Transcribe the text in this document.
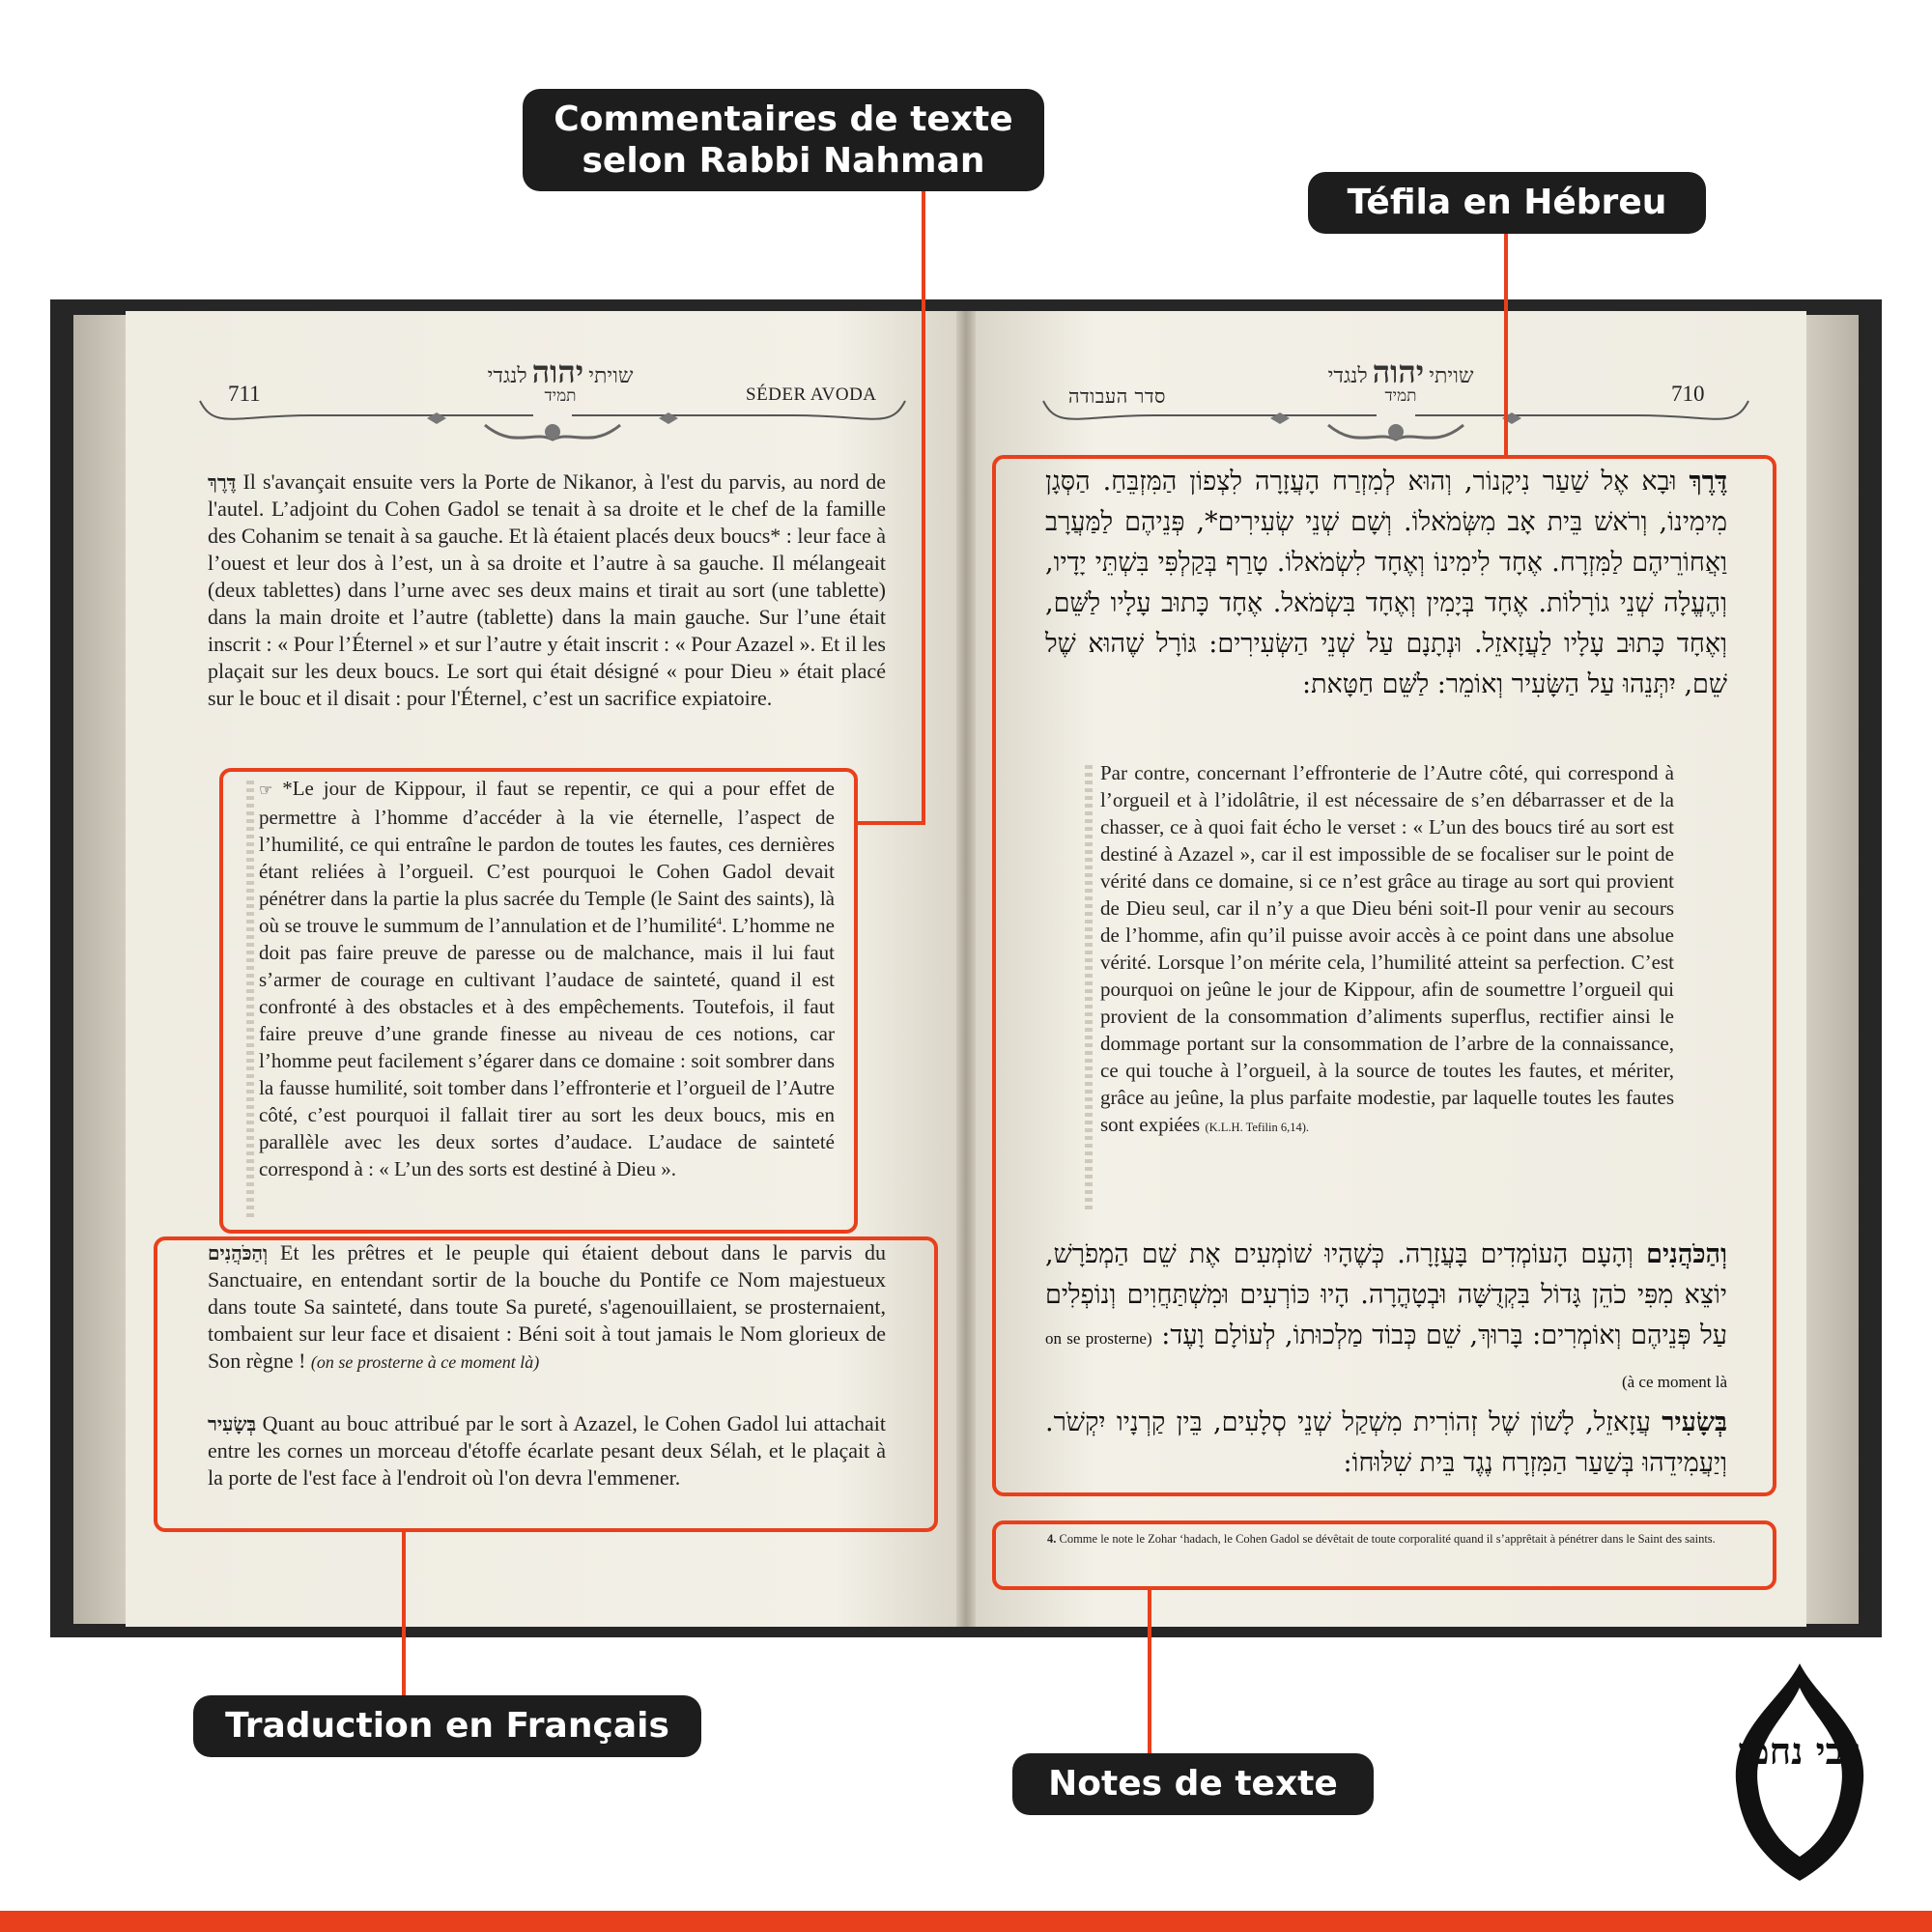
Commentaires de texte
selon Rabbi Nahman
Téfila en Hébreu
Traduction en Français
Notes de texte
711	SÉDER AVODA
שויתי יהוה לנגדי
תמיד	710
סדר העבודה
שויתי יהוה לנגדי
תמיד
דֶּרֶךְ Il s'avançait ensuite vers la Porte de Nikanor, à l'est du parvis, au nord de l'autel. L’adjoint du Cohen Gadol se tenait à sa droite et le chef de la famille des Cohanim se tenait à sa gauche. Et là étaient placés deux boucs* : leur face à l’ouest et leur dos à l’est, un à sa droite et l’autre à sa gauche. Il mélangeait (deux tablettes) dans l’urne avec ses deux mains et tirait au sort (une tablette) dans la main droite et l’autre (tablette) dans la main gauche. Sur l’une était inscrit : « Pour l’Éternel » et sur l’autre y était inscrit : « Pour Azazel ». Et il les plaçait sur les deux boucs. Le sort qui était désigné « pour Dieu » était placé sur le bouc et il disait : pour l'Éternel, c’est un sacrifice expiatoire.
☞ *Le jour de Kippour, il faut se repentir, ce qui a pour effet de permettre à l’homme d’accéder à la vie éternelle, l’aspect de l’humilité, ce qui entraîne le pardon de toutes les fautes, ces dernières étant reliées à l’orgueil. C’est pourquoi le Cohen Gadol devait pénétrer dans la partie la plus sacrée du Temple (le Saint des saints), là où se trouve le summum de l’annulation et de l’humilité$^4$. L’homme ne doit pas faire preuve de paresse ou de malchance, mais il lui faut s’armer de courage en cultivant l’audace de sainteté, quand il est confronté à des obstacles et à des empêchements. Toutefois, il faut faire preuve d’une grande finesse au niveau de ces notions, car l’homme peut facilement s’égarer dans ce domaine : soit sombrer dans la fausse humilité, soit tomber dans l’effronterie et l’orgueil de l’Autre côté, c’est pourquoi il fallait tirer au sort les deux boucs, mis en parallèle avec les deux sortes d’audace. L’audace de sainteté correspond à : « L’un des sorts est destiné à Dieu ».
וְהַכֹּהֲנִים Et les prêtres et le peuple qui étaient debout dans le parvis du Sanctuaire, en entendant sortir de la bouche du Pontife ce Nom majestueux dans toute Sa sainteté, dans toute Sa pureté, s'agenouillaient, se prosternaient, tombaient sur leur face et disaient : Béni soit à tout jamais le Nom glorieux de Son règne ! (on se prosterne à ce moment là)
בְּשָׂעִיר Quant au bouc attribué par le sort à Azazel, le Cohen Gadol lui attachait entre les cornes un morceau d'étoffe écarlate pesant deux Sélah, et le plaçait à la porte de l'est face à l'endroit où l'on devra l'emmener.
דֶּרֶךְ וּבָא אֶל שַׁעַר נִיקָנוֹר, וְהוּא לְמִזְרַח הָעֲזָרָה לִצְפוֹן הַמִּזְבֵּחַ. הַסְּגָן מִימִינוֹ, וְרֹאשׁ בֵּית אָב מִשְּׂמֹאלוֹ. וְשָׁם שְׁנֵי שְׂעִירִים*, פְּנֵיהֶם לַמַּעֲרָב וַאֲחוֹרֵיהֶם לַמִּזְרָח. אֶחָד לִימִינוֹ וְאֶחָד לִשְׂמֹאלוֹ. טָרַף בְּקַלְפִּי בִּשְׁתֵּי יָדָיו, וְהֶעֱלָה שְׁנֵי גוֹרָלוֹת. אֶחָד בְּיָמִין וְאֶחָד בִּשְׂמֹאל. אֶחָד כָּתוּב עָלָיו לַשֵּׁם, וְאֶחָד כָּתוּב עָלָיו לַעֲזָאזֵל. וּנְתָנָם עַל שְׁנֵי הַשְּׂעִירִים: גּוֹרָל שֶׁהוּא שֶׁל שֵׁם, יִתְּנֵהוּ עַל הַשָּׂעִיר וְאוֹמֵר: לַשֵּׁם חַטָּאת:
Par contre, concernant l’effronterie de l’Autre côté, qui correspond à l’orgueil et à l’idolâtrie, il est nécessaire de s’en débarrasser et de la chasser, ce à quoi fait écho le verset : « L’un des boucs tiré au sort est destiné à Azazel », car il est impossible de se focaliser sur le point de vérité dans ce domaine, si ce n’est grâce au tirage au sort qui provient de Dieu seul, car il n’y a que Dieu béni soit-Il pour venir au secours de l’homme, afin qu’il puisse avoir accès à ce point dans une absolue vérité. Lorsque l’on mérite cela, l’humilité atteint sa perfection. C’est pourquoi on jeûne le jour de Kippour, afin de soumettre l’orgueil qui provient de la consommation d’aliments superflus, rectifier ainsi le dommage portant sur la consommation de l’arbre de la connaissance, ce qui touche à l’orgueil, à la source de toutes les fautes, et mériter, grâce au jeûne, la plus parfaite modestie, par laquelle toutes les fautes sont expiées (K.L.H. Tefilin 6,14).
וְהַכֹּהֲנִים וְהָעָם הָעוֹמְדִים בָּעֲזָרָה. כְּשֶׁהָיוּ שׁוֹמְעִים אֶת שֵׁם הַמְפֹרָשׁ, יוֹצֵא מִפִּי כֹהֵן גָּדוֹל בִּקְדֻשָּׁה וּבְטָהֳרָה. הָיוּ כּוֹרְעִים וּמִשְׁתַּחֲוִים וְנוֹפְלִים עַל פְּנֵיהֶם וְאוֹמְרִים: בָּרוּךְ, שֵׁם כְּבוֹד מַלְכוּתוֹ, לְעוֹלָם וָעֶד: (on se prosterne à ce moment là)
בְּשָׂעִיר עֲזָאזֵל, לָשׁוֹן שֶׁל זְהוֹרִית מִשְׁקַל שְׁנֵי סְלָעִים, בֵּין קַרְנָיו יִקְשֹׁר. וְיַעֲמִידֵהוּ בְּשַׁעַר הַמִּזְרָח נֶגֶד בֵּית שִׁלּוּחוֹ:
4. Comme le note le Zohar ‘hadach, le Cohen Gadol se dévêtait de toute corporalité quand il s’apprêtait à pénétrer dans le Saint des saints.
רבי נחמן
